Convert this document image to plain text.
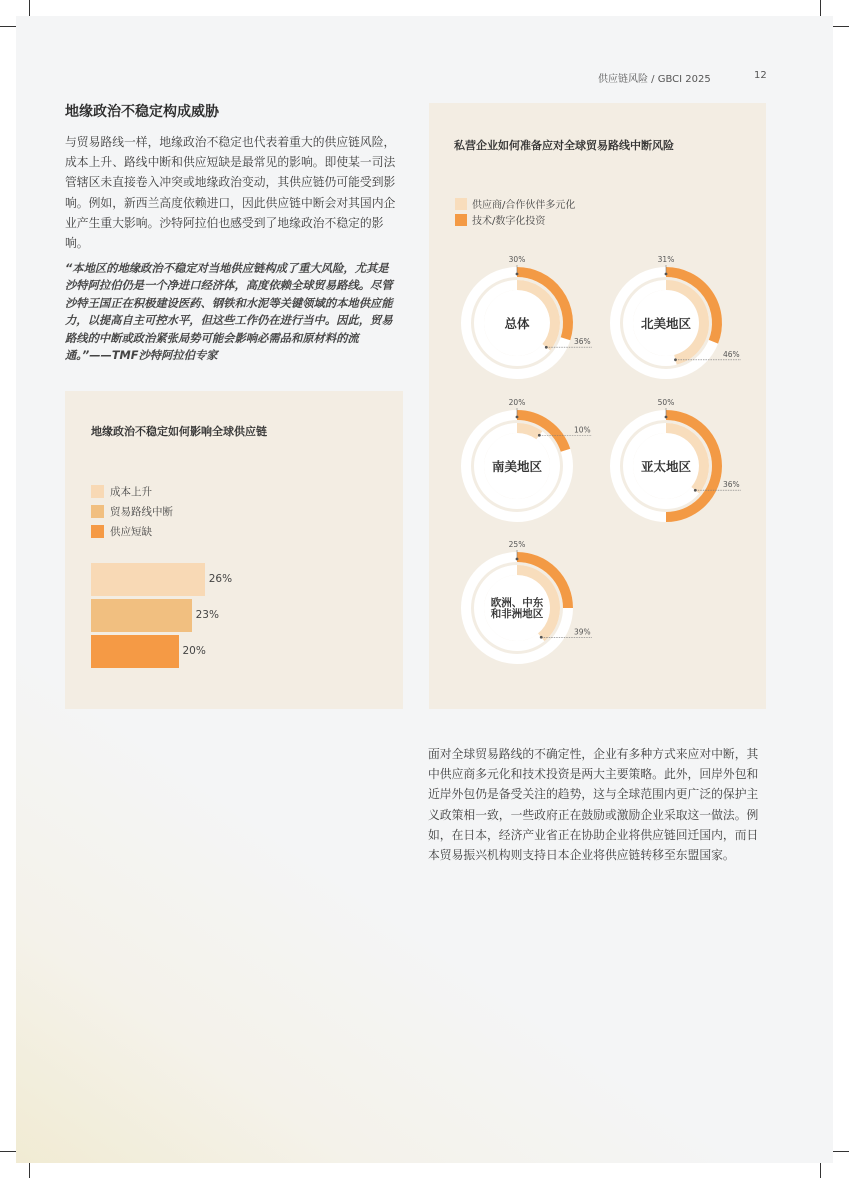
供应链风险 / GBCI 2025	12
地缘政治不稳定构成威胁

与贸易路线一样，地缘政治不稳定也代表着重大的供应链风险，成本上升、路线中断和供应短缺是最常见的影响。即使某一司法管辖区未直接卷入冲突或地缘政治变动，其供应链仍可能受到影响。例如，新西兰高度依赖进口，因此供应链中断会对其国内企业产生重大影响。沙特阿拉伯也感受到了地缘政治不稳定的影响。

“本地区的地缘政治不稳定对当地供应链构成了重大风险，尤其是沙特阿拉伯仍是一个净进口经济体，高度依赖全球贸易路线。尽管沙特王国正在积极建设医药、钢铁和水泥等关键领域的本地供应能力，以提高自主可控水平，但这些工作仍在进行当中。因此，贸易路线的中断或政治紧张局势可能会影响必需品和原材料的流通。”——TMF沙特阿拉伯专家

地缘政治不稳定如何影响全球供应链
成本上升
贸易路线中断
供应短缺
26%
23%
20%
私营企业如何准备应对全球贸易路线中断风险
供应商/合作伙伴多元化
技术/数字化投资
30%
36%
总体
31%
46%
北美地区
20%
10%
南美地区
50%
36%
亚太地区
25%
39%
欧洲、中东
和非洲地区

面对全球贸易路线的不确定性，企业有多种方式来应对中断，其中供应商多元化和技术投资是两大主要策略。此外，回岸外包和近岸外包仍是备受关注的趋势，这与全球范围内更广泛的保护主义政策相一致，一些政府正在鼓励或激励企业采取这一做法。例如，在日本，经济产业省正在协助企业将供应链回迁国内，而日本贸易振兴机构则支持日本企业将供应链转移至东盟国家。
